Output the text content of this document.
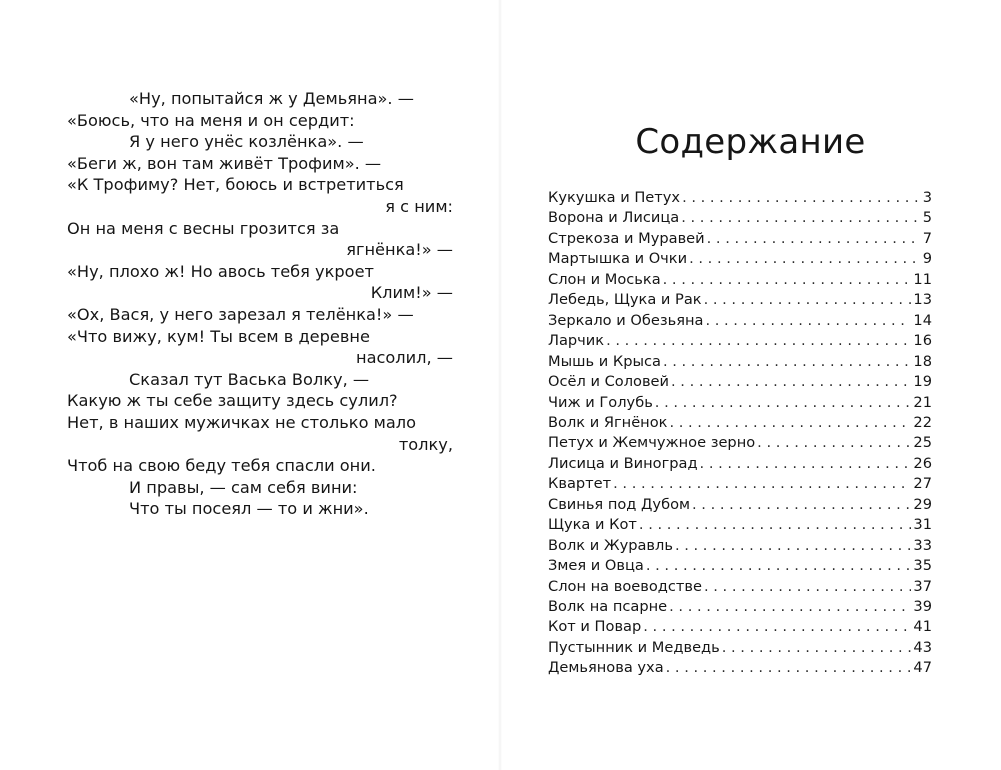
«Ну, попытайся ж у Демьяна». —
«Боюсь, что на меня и он сердит:
Я у него унёс козлёнка». —
«Беги ж, вон там живёт Трофим». —
«К Трофиму? Нет, боюсь и встретиться
я с ним:
Он на меня с весны грозится за
ягнёнка!» —
«Ну, плохо ж! Но авось тебя укроет
Клим!» —
«Ох, Вася, у него зарезал я телёнка!» —
«Что вижу, кум! Ты всем в деревне
насолил, —
Сказал тут Васька Волку, —
Какую ж ты себе защиту здесь сулил?
Нет, в наших мужичках не столько мало
толку,
Чтоб на свою беду тебя спасли они.
И правы, — сам себя вини:
Что ты посеял — то и жни».
Содержание
Кукушка и Петух . . .	3
Ворона и Лисица . . .	5
Стрекоза и Муравей . . .	7
Мартышка и Очки . . .	9
Слон и Моська . . .	11
Лебедь, Щука и Рак . . .	13
Зеркало и Обезьяна . . .	14
Ларчик . . .	16
Мышь и Крыса . . .	18
Осёл и Соловей . . .	19
Чиж и Голубь . . .	21
Волк и Ягнёнок . . .	22
Петух и Жемчужное зерно . . .	25
Лисица и Виноград . . .	26
Квартет . . .	27
Свинья под Дубом . . .	29
Щука и Кот . . .	31
Волк и Журавль . . .	33
Змея и Овца . . .	35
Слон на воеводстве . . .	37
Волк на псарне . . .	39
Кот и Повар . . .	41
Пустынник и Медведь . . .	43
Демьянова уха . . .	47
